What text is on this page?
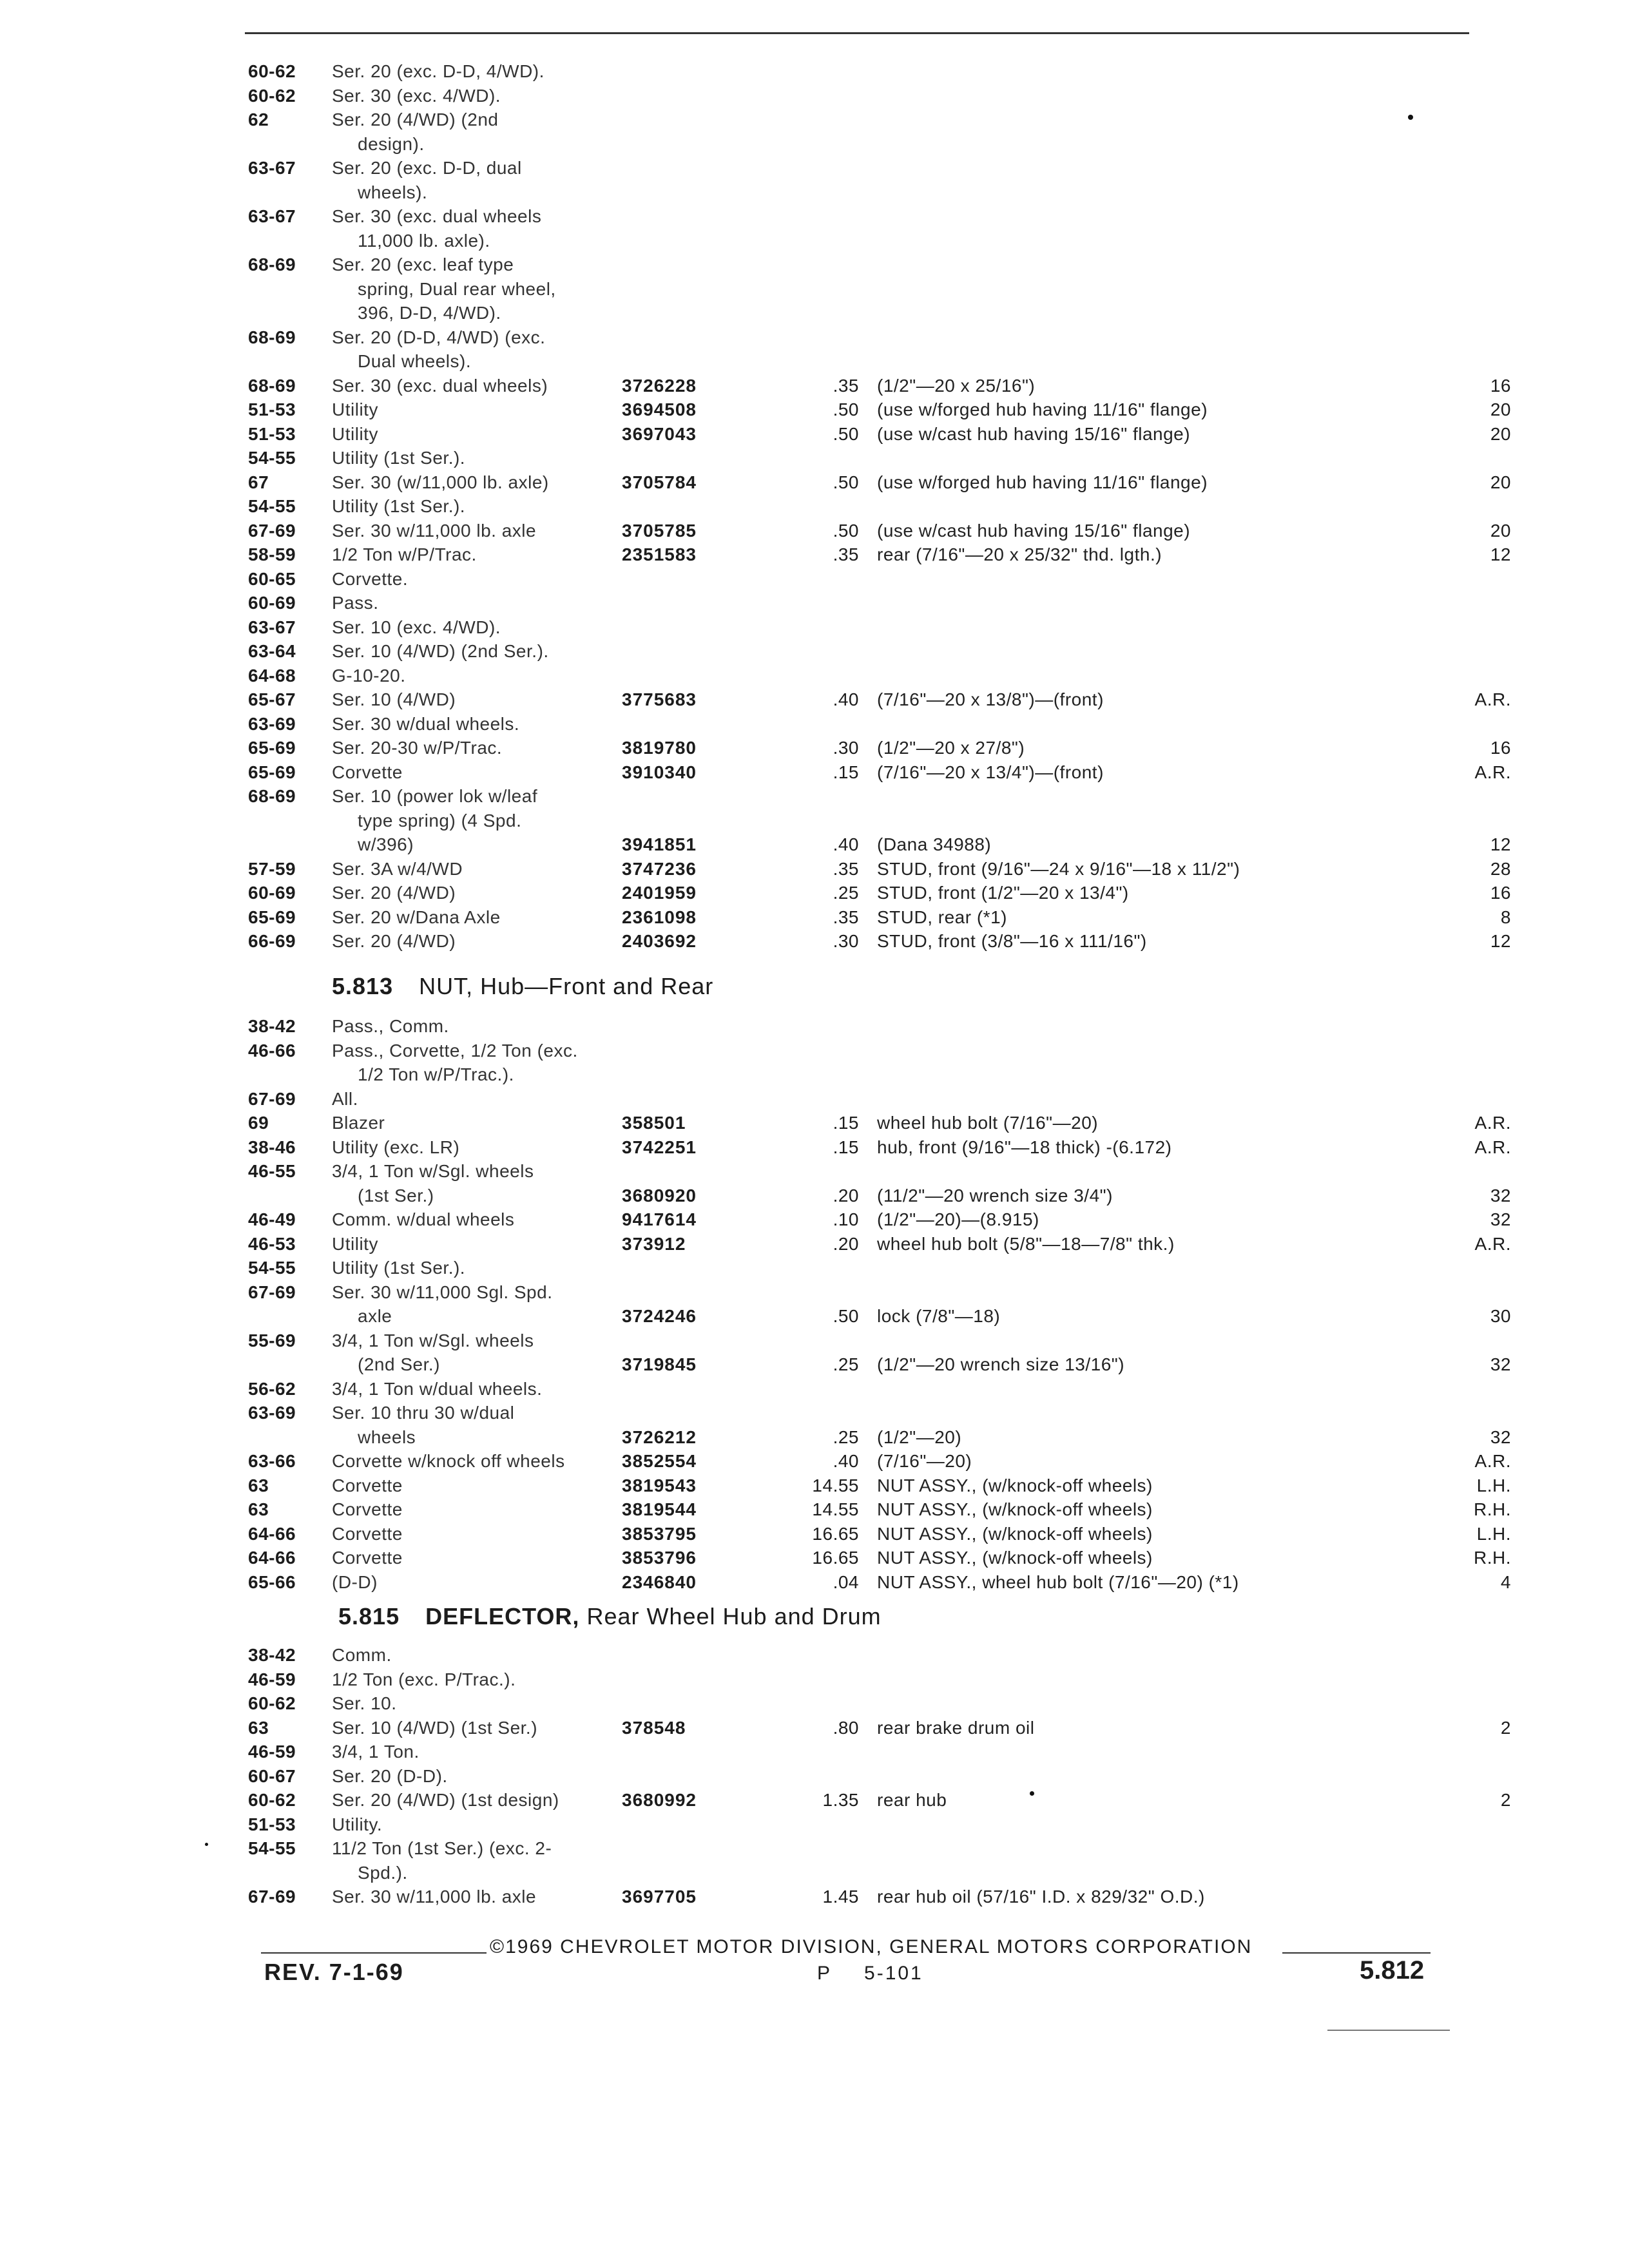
60-62	Ser. 20 (exc. D-D, 4/WD).
60-62	Ser. 30 (exc. 4/WD).
62	Ser. 20 (4/WD) (2nd
design).
63-67	Ser. 20 (exc. D-D, dual
wheels).
63-67	Ser. 30 (exc. dual wheels
11,000 lb. axle).
68-69	Ser. 20 (exc. leaf type
spring, Dual rear wheel,
396, D-D, 4/WD).
68-69	Ser. 20 (D-D, 4/WD) (exc.
Dual wheels).
68-69	Ser. 30 (exc. dual wheels)	3726228	.35	(1/2"—20 x 25/16")	16
51-53	Utility	3694508	.50	(use w/forged hub having 11/16" flange)	20
51-53	Utility	3697043	.50	(use w/cast hub having 15/16" flange)	20
54-55	Utility (1st Ser.).
67	Ser. 30 (w/11,000 lb. axle)	3705784	.50	(use w/forged hub having 11/16" flange)	20
54-55	Utility (1st Ser.).
67-69	Ser. 30 w/11,000 lb. axle	3705785	.50	(use w/cast hub having 15/16" flange)	20
58-59	1/2 Ton w/P/Trac.	2351583	.35	rear (7/16"—20 x 25/32" thd. lgth.)	12
60-65	Corvette.
60-69	Pass.
63-67	Ser. 10 (exc. 4/WD).
63-64	Ser. 10 (4/WD) (2nd Ser.).
64-68	G-10-20.
65-67	Ser. 10 (4/WD)	3775683	.40	(7/16"—20 x 13/8")—(front)	A.R.
63-69	Ser. 30 w/dual wheels.
65-69	Ser. 20-30 w/P/Trac.	3819780	.30	(1/2"—20 x 27/8")	16
65-69	Corvette	3910340	.15	(7/16"—20 x 13/4")—(front)	A.R.
68-69	Ser. 10 (power lok w/leaf
type spring) (4 Spd.
w/396)	3941851	.40	(Dana 34988)	12
57-59	Ser. 3A w/4/WD	3747236	.35	STUD, front (9/16"—24 x 9/16"—18 x 11/2")	28
60-69	Ser. 20 (4/WD)	2401959	.25	STUD, front (1/2"—20 x 13/4")	16
65-69	Ser. 20 w/Dana Axle	2361098	.35	STUD, rear (*1)	8
66-69	Ser. 20 (4/WD)	2403692	.30	STUD, front (3/8"—16 x 111/16")	12
5.813 NUT, Hub—Front and Rear
38-42	Pass., Comm.
46-66	Pass., Corvette, 1/2 Ton (exc.
1/2 Ton w/P/Trac.).
67-69	All.
69	Blazer	358501	.15	wheel hub bolt (7/16"—20)	A.R.
38-46	Utility (exc. LR)	3742251	.15	hub, front (9/16"—18 thick) -(6.172)	A.R.
46-55	3/4, 1 Ton w/Sgl. wheels
(1st Ser.)	3680920	.20	(11/2"—20 wrench size 3/4")	32
46-49	Comm. w/dual wheels	9417614	.10	(1/2"—20)—(8.915)	32
46-53	Utility	373912	.20	wheel hub bolt (5/8"—18—7/8" thk.)	A.R.
54-55	Utility (1st Ser.).
67-69	Ser. 30 w/11,000 Sgl. Spd.
axle	3724246	.50	lock (7/8"—18)	30
55-69	3/4, 1 Ton w/Sgl. wheels
(2nd Ser.)	3719845	.25	(1/2"—20 wrench size 13/16")	32
56-62	3/4, 1 Ton w/dual wheels.
63-69	Ser. 10 thru 30 w/dual
wheels	3726212	.25	(1/2"—20)	32
63-66	Corvette w/knock off wheels	3852554	.40	(7/16"—20)	A.R.
63	Corvette	3819543	14.55	NUT ASSY., (w/knock-off wheels)	L.H.
63	Corvette	3819544	14.55	NUT ASSY., (w/knock-off wheels)	R.H.
64-66	Corvette	3853795	16.65	NUT ASSY., (w/knock-off wheels)	L.H.
64-66	Corvette	3853796	16.65	NUT ASSY., (w/knock-off wheels)	R.H.
65-66	(D-D)	2346840	.04	NUT ASSY., wheel hub bolt (7/16"—20) (*1)	4
5.815 DEFLECTOR, Rear Wheel Hub and Drum
38-42	Comm.
46-59	1/2 Ton (exc. P/Trac.).
60-62	Ser. 10.
63	Ser. 10 (4/WD) (1st Ser.)	378548	.80	rear brake drum oil	2
46-59	3/4, 1 Ton.
60-67	Ser. 20 (D-D).
60-62	Ser. 20 (4/WD) (1st design)	3680992	1.35	rear hub	2
51-53	Utility.
54-55	11/2 Ton (1st Ser.) (exc. 2-
Spd.).
67-69	Ser. 30 w/11,000 lb. axle	3697705	1.45	rear hub oil (57/16" I.D. x 829/32" O.D.)
©1969 CHEVROLET MOTOR DIVISION, GENERAL MOTORS CORPORATION
REV. 7-1-69	P 5-101	5.812
